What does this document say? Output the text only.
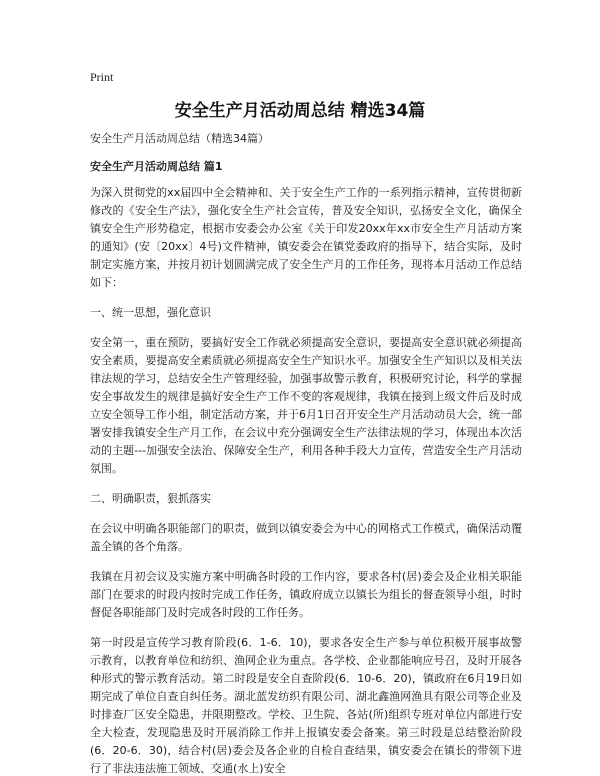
Print
安全生产月活动周总结 精选34篇

安全生产月活动周总结（精选34篇）

安全生产月活动周总结 篇1

为深入贯彻党的xx届四中全会精神和、关于安全生产工作的一系列指示精神，宣传贯彻新修改的《安全生产法》，强化安全生产社会宣传，普及安全知识，弘扬安全文化，确保全镇安全生产形势稳定，根据市安委会办公室《关于印发20xx年xx市安全生产月活动方案的通知》(安〔20xx〕4号)文件精神，镇安委会在镇党委政府的指导下，结合实际，及时制定实施方案，并按月初计划圆满完成了安全生产月的工作任务，现将本月活动工作总结如下：

一、统一思想，强化意识

安全第一，重在预防，要搞好安全工作就必须提高安全意识，要提高安全意识就必须提高安全素质，要提高安全素质就必须提高安全生产知识水平。加强安全生产知识以及相关法律法规的学习，总结安全生产管理经验，加强事故警示教育，积极研究讨论，科学的掌握安全事故发生的规律是搞好安全生产工作不变的客观规律，我镇在接到上级文件后及时成立安全领导工作小组，制定活动方案，并于6月1日召开安全生产月活动动员大会，统一部署安排我镇安全生产月工作，在会议中充分强调安全生产法律法规的学习，体现出本次活动的主题---加强安全法治、保障安全生产，利用各种手段大力宣传，营造安全生产月活动氛围。

二、明确职责，狠抓落实

在会议中明确各职能部门的职责，做到以镇安委会为中心的网格式工作模式，确保活动覆盖全镇的各个角落。

我镇在月初会议及实施方案中明确各时段的工作内容，要求各村(居)委会及企业相关职能部门在要求的时段内按时完成工作任务，镇政府成立以镇长为组长的督查领导小组，时时督促各职能部门及时完成各时段的工作任务。

第一时段是宣传学习教育阶段(6．1-6．10)，要求各安全生产参与单位积极开展事故警示教育，以教育单位和纺织、渔网企业为重点。各学校、企业都能响应号召，及时开展各种形式的警示教育活动。第二时段是安全自查阶段(6．10-6．20)，镇政府在6月19日如期完成了单位自查自纠任务。湖北蓝发纺织有限公司、湖北鑫渔网渔具有限公司等企业及时排查厂区安全隐患，并限期整改。学校、卫生院、各站(所)组织专班对单位内部进行安全大检查，发现隐患及时开展消除工作并上报镇安委会备案。第三时段是总结整治阶段(6．20-6．30)，结合村(居)委会及各企业的自检自查结果，镇安委会在镇长的带领下进行了非法违法施工领域、交通(水上)安全
